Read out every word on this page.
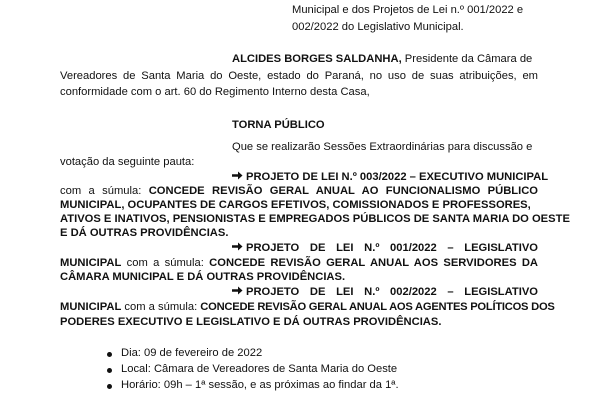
Municipal e dos Projetos de Lei n.º 001/2022 e
002/2022 do Legislativo Municipal.
ALCIDES BORGES SALDANHA, Presidente da Câmara de
Vereadores de Santa Maria do Oeste, estado do Paraná, no uso de suas atribuições, em
conformidade com o art. 60 do Regimento Interno desta Casa,
TORNA PÚBLICO
Que se realizarão Sessões Extraordinárias para discussão e
votação da seguinte pauta:
PROJETO DE LEI N.º 003/2022 – EXECUTIVO MUNICIPAL
com a súmula: CONCEDE REVISÃO GERAL ANUAL AO FUNCIONALISMO PÚBLICO
MUNICIPAL, OCUPANTES DE CARGOS EFETIVOS, COMISSIONADOS E PROFESSORES,
ATIVOS E INATIVOS, PENSIONISTAS E EMPREGADOS PÚBLICOS DE SANTA MARIA DO OESTE
E DÁ OUTRAS PROVIDÊNCIAS.
PROJETO DE LEI N.º 001/2022 – LEGISLATIVO
MUNICIPAL com a súmula: CONCEDE REVISÃO GERAL ANUAL AOS SERVIDORES DA
CÂMARA MUNICIPAL E DÁ OUTRAS PROVIDÊNCIAS.
PROJETO DE LEI N.º 002/2022 – LEGISLATIVO
MUNICIPAL com a súmula: CONCEDE REVISÃO GERAL ANUAL AOS AGENTES POLÍTICOS DOS
PODERES EXECUTIVO E LEGISLATIVO E DÁ OUTRAS PROVIDÊNCIAS.
Dia: 09 de fevereiro de 2022
Local: Câmara de Vereadores de Santa Maria do Oeste
Horário: 09h – 1ª sessão, e as próximas ao findar da 1ª.
